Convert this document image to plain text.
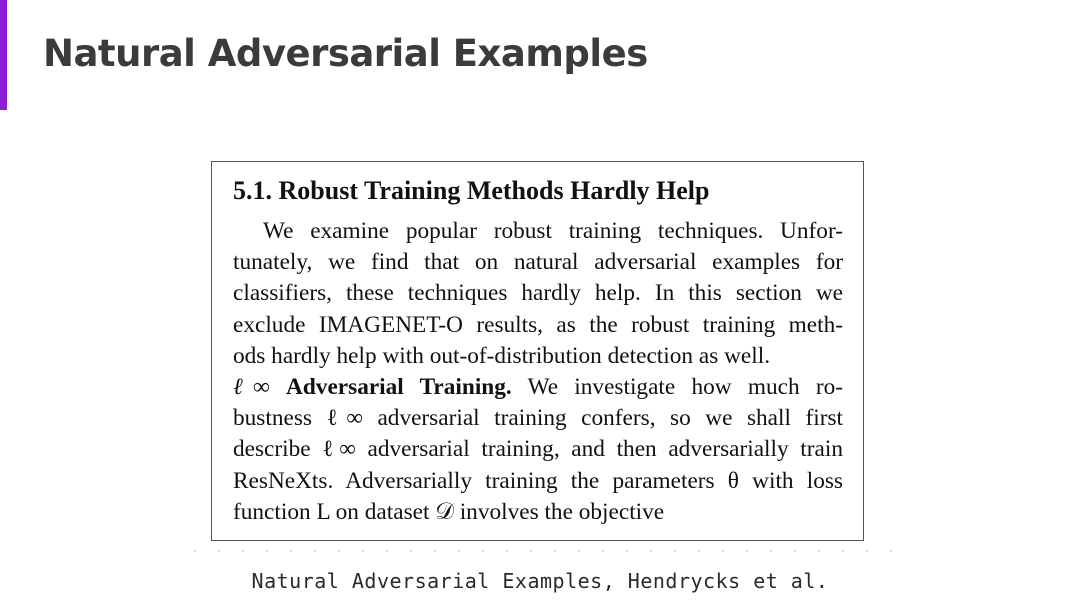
Natural Adversarial Examples
5.1. Robust Training Methods Hardly Help
We examine popular robust training techniques. Unfor-
tunately, we find that on natural adversarial examples for
classifiers, these techniques hardly help. In this section we
exclude IMAGENET-O results, as the robust training meth-
ods hardly help with out-of-distribution detection as well.
ℓ∞ Adversarial Training. We investigate how much ro-
bustness ℓ∞ adversarial training confers, so we shall first
describe ℓ∞ adversarial training, and then adversarially train
ResNeXts. Adversarially training the parameters θ with loss
function L on dataset 𝒟 involves the objective
Natural Adversarial Examples, Hendrycks et al.
